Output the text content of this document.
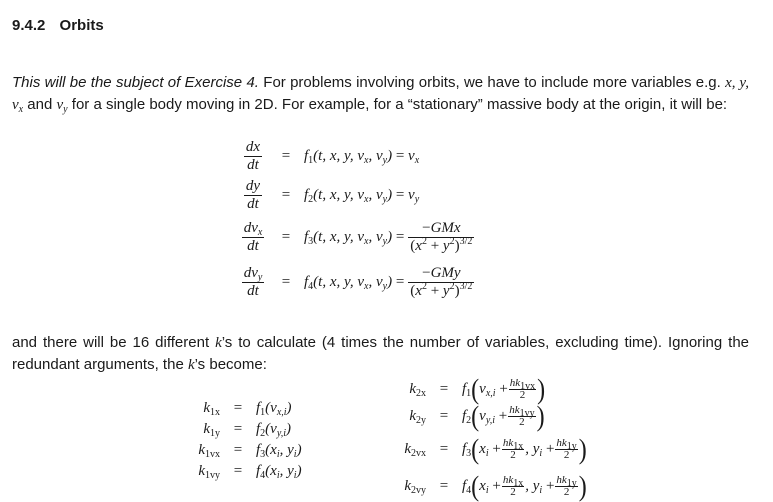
9.4.2 Orbits
This will be the subject of Exercise 4. For problems involving orbits, we have to include more variables e.g. x, y, $v_x$ and $v_y$ for a single body moving in 2D. For example, for a “stationary” massive body at the origin, it will be:
$\frac{dx}{dt}$	= $f_1(t$, x, y, $v_x$, $v_y) = v_x$
$\frac{dy}{dt}$	= $f_2(t$, x, y, $v_x$, $v_y) = v_y$
$\frac{dv_x}{dt}$	= $f_3(t$, x, y, $v_x$, $v_y) = \frac{\text{−GMx}}{(x^2 + y^2)^{3/2}}$
$\frac{dv_y}{dt}$	= $f_4(t$, x, y, $v_x$, $v_y) = \frac{\text{−GMy}}{(x^2 + y^2)^{3/2}}$
and there will be 16 different k’s to calculate (4 times the number of variables, excluding time). Ignoring the redundant arguments, the k’s become:
$k_{1x} = f_1(v_{x,i})$
$k_{1y} = f_2(v_{y,i})$
$k_{1vx} = f_3(x_i$, $y_i$)
$k_{1vy} = f_4(x_i$, $y_i$)
$k_{2x} = f_1$ ( $v_{x,i} + \frac{hk_{1vx}}{2}$ )
$k_{2y} = f_2$ ( $v_{y,i} + \frac{hk_{1vy}}{2}$ )
$k_{2vx} = f_3$ ( $x_i + \frac{hk_{1x}}{2}$ , $y_i + \frac{hk_{1y}}{2}$ )
$k_{2vy} = f_4$ ( $x_i + \frac{hk_{1x}}{2}$ , $y_i + \frac{hk_{1y}}{2}$ )
